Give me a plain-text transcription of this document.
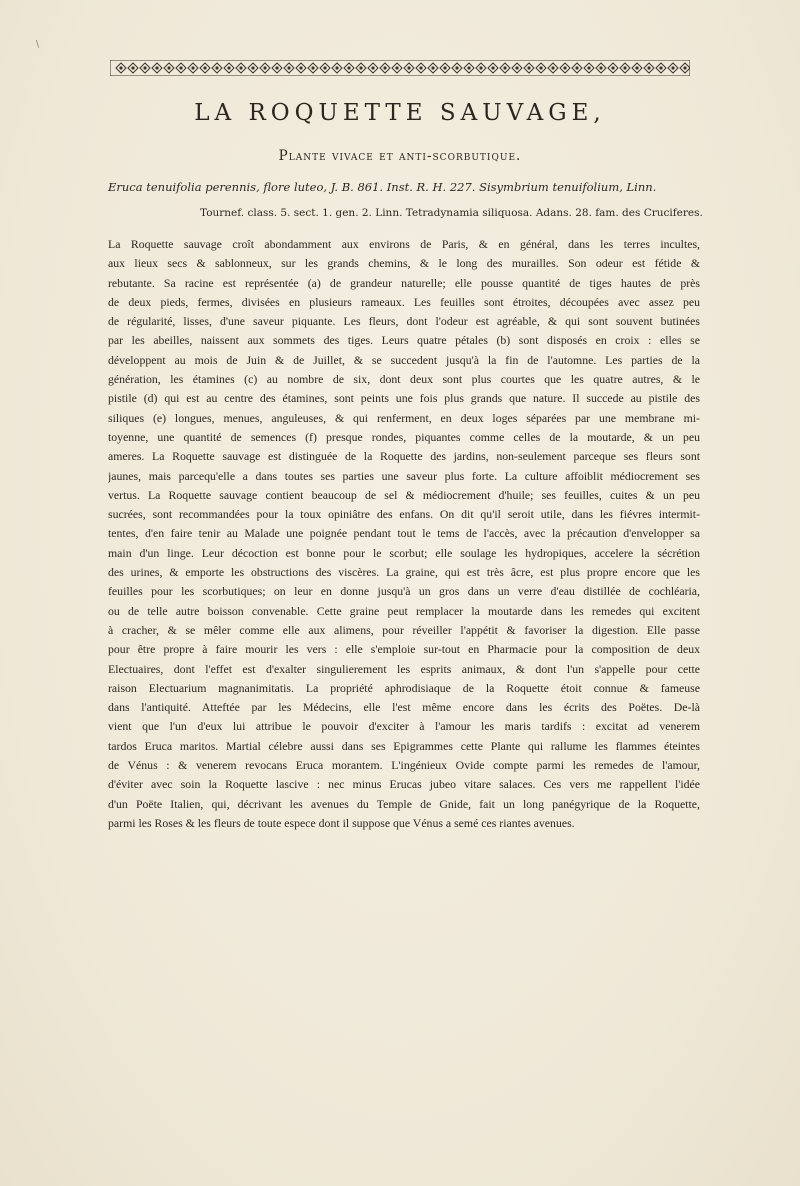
\
LA ROQUETTE SAUVAGE,
Plante vivace et anti-scorbutique.
Eruca tenuifolia perennis, flore luteo, J. B. 861. Inst. R. H. 227. Sisymbrium tenuifolium, Linn.
Tournef. class. 5. sect. 1. gen. 2. Linn. Tetradynamia siliquosa. Adans. 28. fam. des Cruciferes.
La Roquette sauvage croît abondamment aux environs de Paris, & en général, dans les terres incultes,
aux lieux secs & sablonneux, sur les grands chemins, & le long des murailles. Son odeur est fétide &
rebutante. Sa racine est représentée (a) de grandeur naturelle; elle pousse quantité de tiges hautes de près
de deux pieds, fermes, divisées en plusieurs rameaux. Les feuilles sont étroites, découpées avec assez peu
de régularité, lisses, d'une saveur piquante. Les fleurs, dont l'odeur est agréable, & qui sont souvent butinées
par les abeilles, naissent aux sommets des tiges. Leurs quatre pétales (b) sont disposés en croix : elles se
développent au mois de Juin & de Juillet, & se succedent jusqu'à la fin de l'automne. Les parties de la
génération, les étamines (c) au nombre de six, dont deux sont plus courtes que les quatre autres, & le
pistile (d) qui est au centre des étamines, sont peints une fois plus grands que nature. Il succede au pistile des
siliques (e) longues, menues, anguleuses, & qui renferment, en deux loges séparées par une membrane mi-
toyenne, une quantité de semences (f) presque rondes, piquantes comme celles de la moutarde, & un peu
ameres. La Roquette sauvage est distinguée de la Roquette des jardins, non-seulement parceque ses fleurs sont
jaunes, mais parcequ'elle a dans toutes ses parties une saveur plus forte. La culture affoiblit médiocrement ses
vertus. La Roquette sauvage contient beaucoup de sel & médiocrement d'huile; ses feuilles, cuites & un peu
sucrées, sont recommandées pour la toux opiniâtre des enfans. On dit qu'il seroit utile, dans les fiévres intermit-
tentes, d'en faire tenir au Malade une poignée pendant tout le tems de l'accès, avec la précaution d'envelopper sa
main d'un linge. Leur décoction est bonne pour le scorbut; elle soulage les hydropiques, accelere la sécrétion
des urines, & emporte les obstructions des viscères. La graine, qui est très âcre, est plus propre encore que les
feuilles pour les scorbutiques; on leur en donne jusqu'à un gros dans un verre d'eau distillée de cochléaria,
ou de telle autre boisson convenable. Cette graine peut remplacer la moutarde dans les remedes qui excitent
à cracher, & se mêler comme elle aux alimens, pour réveiller l'appétit & favoriser la digestion. Elle passe
pour être propre à faire mourir les vers : elle s'emploie sur-tout en Pharmacie pour la composition de deux
Electuaires, dont l'effet est d'exalter singulierement les esprits animaux, & dont l'un s'appelle pour cette
raison Electuarium magnanimitatis. La propriété aphrodisiaque de la Roquette étoit connue & fameuse
dans l'antiquité. Atteftée par les Médecins, elle l'est même encore dans les écrits des Poëtes. De-là
vient que l'un d'eux lui attribue le pouvoir d'exciter à l'amour les maris tardifs : excitat ad venerem
tardos Eruca maritos. Martial célebre aussi dans ses Epigrammes cette Plante qui rallume les flammes éteintes
de Vénus : & venerem revocans Eruca morantem. L'ingénieux Ovide compte parmi les remedes de l'amour,
d'éviter avec soin la Roquette lascive : nec minus Erucas jubeo vitare salaces. Ces vers me rappellent l'idée
d'un Poëte Italien, qui, décrivant les avenues du Temple de Gnide, fait un long panégyrique de la Roquette,
parmi les Roses & les fleurs de toute espece dont il suppose que Vénus a semé ces riantes avenues.
